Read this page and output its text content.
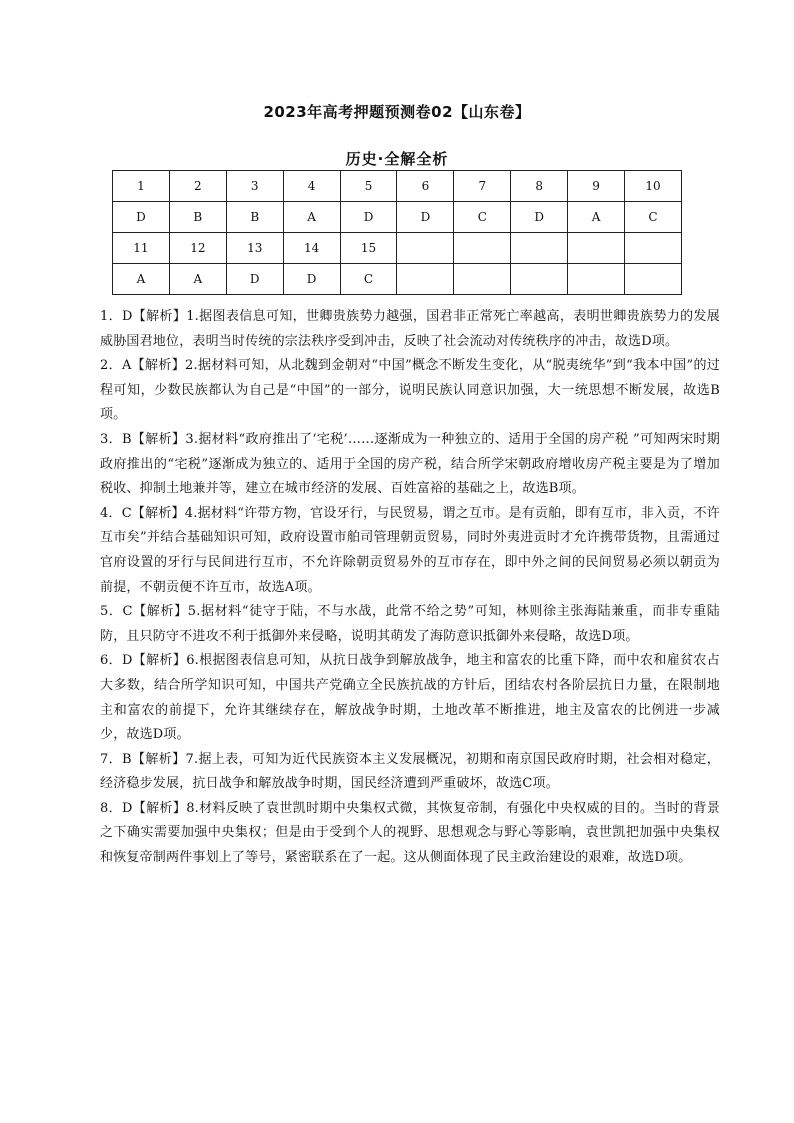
2023年高考押题预测卷02【山东卷】
历史·全解全析
1	2	3	4	5	6	7	8	9	10
D	B	B	A	D	D	C	D	A	C
11	12	13	14	15					
A	A	D	D	C					

1．D【解析】1.据图表信息可知，世卿贵族势力越强，国君非正常死亡率越高，表明世卿贵族势力的发展威胁国君地位，表明当时传统的宗法秩序受到冲击，反映了社会流动对传统秩序的冲击，故选D项。

2．A【解析】2.据材料可知，从北魏到金朝对“中国”概念不断发生变化，从“脱夷统华”到“我本中国”的过程可知，少数民族都认为自己是“中国”的一部分，说明民族认同意识加强，大一统思想不断发展，故选B项。

3．B【解析】3.据材料“政府推出了‘宅税’……逐渐成为一种独立的、适用于全国的房产税 ”可知两宋时期政府推出的“宅税”逐渐成为独立的、适用于全国的房产税，结合所学宋朝政府增收房产税主要是为了增加税收、抑制土地兼并等，建立在城市经济的发展、百姓富裕的基础之上，故选B项。

4．C【解析】4.据材料“许带方物，官设牙行，与民贸易，谓之互市。是有贡舶，即有互市，非入贡，不许互市矣”并结合基础知识可知，政府设置市舶司管理朝贡贸易，同时外夷进贡时才允许携带货物，且需通过官府设置的牙行与民间进行互市，不允许除朝贡贸易外的互市存在，即中外之间的民间贸易必须以朝贡为前提，不朝贡便不许互市，故选A项。

5．C【解析】5.据材料“徒守于陆，不与水战，此常不给之势”可知，林则徐主张海陆兼重，而非专重陆防，且只防守不进攻不利于抵御外来侵略，说明其萌发了海防意识抵御外来侵略，故选D项。

6．D【解析】6.根据图表信息可知，从抗日战争到解放战争，地主和富农的比重下降，而中农和雇贫农占大多数，结合所学知识可知，中国共产党确立全民族抗战的方针后，团结农村各阶层抗日力量，在限制地主和富农的前提下，允许其继续存在，解放战争时期，土地改革不断推进，地主及富农的比例进一步减少，故选D项。

7．B【解析】7.据上表，可知为近代民族资本主义发展概况，初期和南京国民政府时期，社会相对稳定，经济稳步发展，抗日战争和解放战争时期，国民经济遭到严重破坏，故选C项。

8．D【解析】8.材料反映了袁世凯时期中央集权式微，其恢复帝制，有强化中央权威的目的。当时的背景之下确实需要加强中央集权；但是由于受到个人的视野、思想观念与野心等影响，袁世凯把加强中央集权和恢复帝制两件事划上了等号，紧密联系在了一起。这从侧面体现了民主政治建设的艰难，故选D项。
